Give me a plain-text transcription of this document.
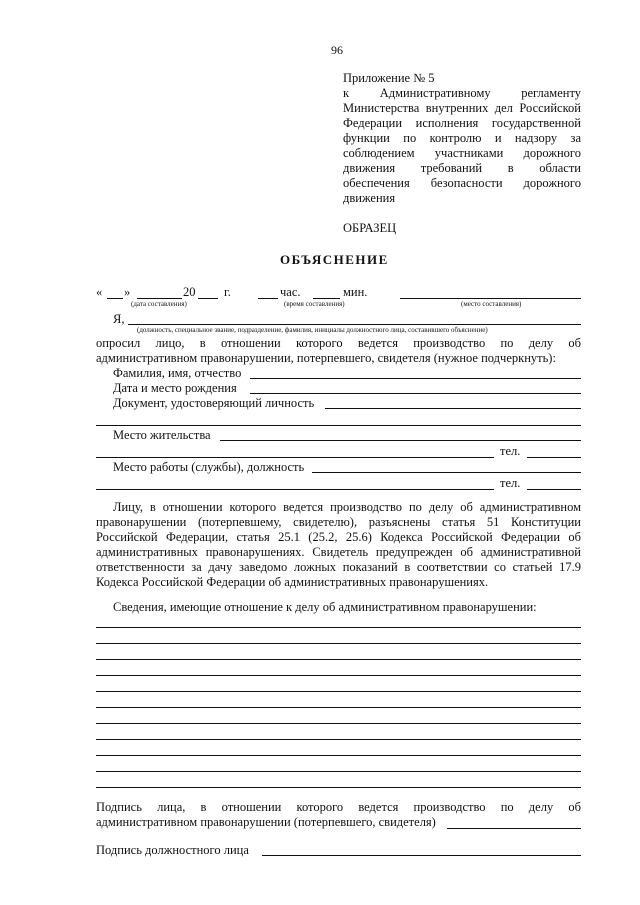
96
Приложение № 5
к Административному регламенту
Министерства внутренних дел Российской
Федерации исполнения государственной
функции по контролю и надзору за
соблюдением участниками дорожного
движения требований в области
обеспечения безопасности дорожного
движения
ОБРАЗЕЦ
ОБЪЯСНЕНИЕ
« »	20 г.	час.	мин.
(дата составления)	(время составления)	(место составления)
Я,
(должность, специальное звание, подразделение, фамилия, инициалы должностного лица, составившего объяснение)
опросил лицо, в отношении которого ведется производство по делу об
административном правонарушении, потерпевшего, свидетеля (нужное подчеркнуть):
Фамилия, имя, отчество
Дата и место рождения
Документ, удостоверяющий личность
Место жительства
тел.
Место работы (службы), должность
тел.
Лицу, в отношении которого ведется производство по делу об административном
правонарушении (потерпевшему, свидетелю), разъяснены статья 51 Конституции
Российской Федерации, статья 25.1 (25.2, 25.6) Кодекса Российской Федерации об
административных правонарушениях. Свидетель предупрежден об административной
ответственности за дачу заведомо ложных показаний в соответствии со статьей 17.9
Кодекса Российской Федерации об административных правонарушениях.
Сведения, имеющие отношение к делу об административном правонарушении:
Подпись лица, в отношении которого ведется производство по делу об
административном правонарушении (потерпевшего, свидетеля)
Подпись должностного лица
